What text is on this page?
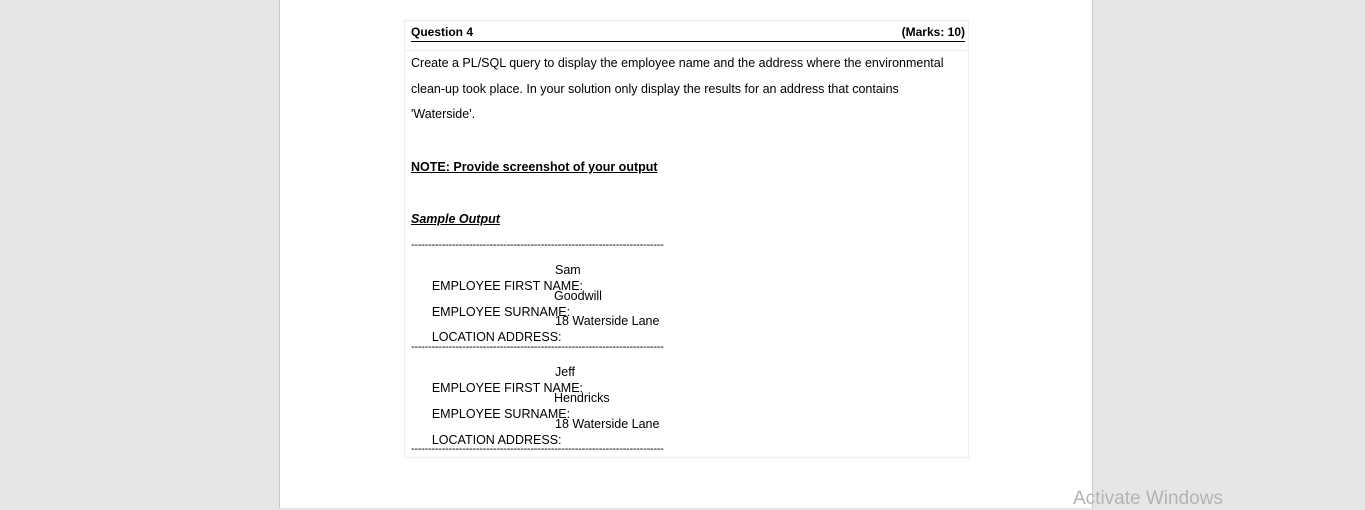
Question 4	(Marks: 10)
Create a PL/SQL query to display the employee name and the address where the environmental
clean-up took place. In your solution only display the results for an address that contains
'Waterside'.
NOTE: Provide screenshot of your output
Sample Output
--------------------------------------------------------------------------

EMPLOYEE FIRST NAME:

Sam

EMPLOYEE SURNAME:

Goodwill

LOCATION ADDRESS:

18 Waterside Lane

--------------------------------------------------------------------------

EMPLOYEE FIRST NAME:

Jeff

EMPLOYEE SURNAME:

Hendricks

LOCATION ADDRESS:

18 Waterside Lane

--------------------------------------------------------------------------
Activate Windows
